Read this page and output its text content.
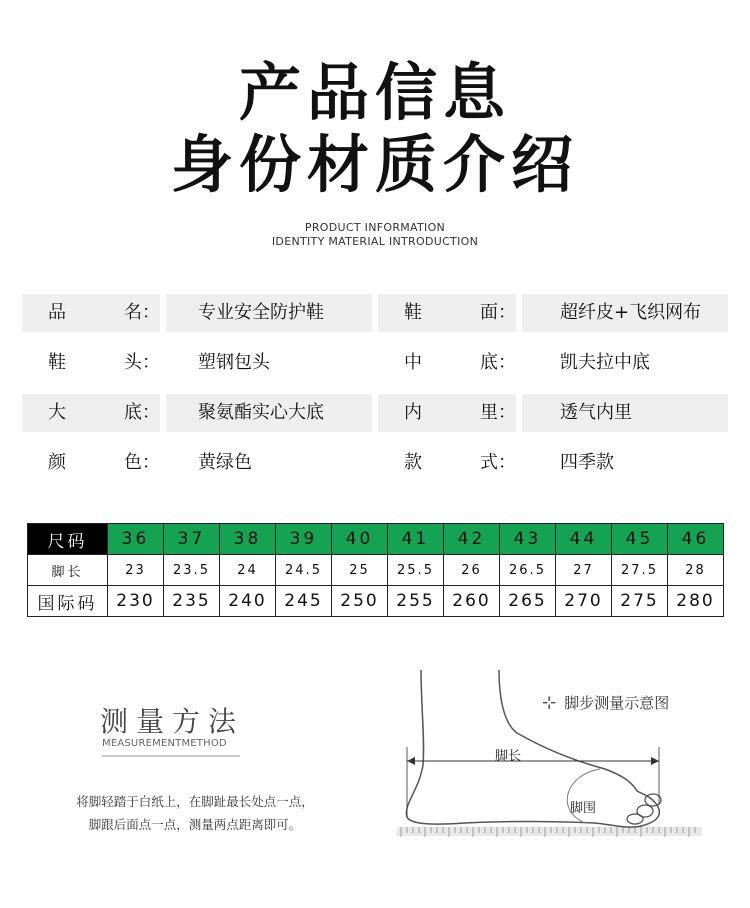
产品信息
身份材质介绍
PRODUCT INFORMATION
IDENTITY MATERIAL INTRODUCTION
品	名：	专业安全防护鞋	鞋	面：	超纤皮+飞织网布
鞋	头：	塑钢包头	中	底：	凯夫拉中底
大	底：	聚氨酯实心大底	内	里：	透气内里
颜	色：	黄绿色	款	式：	四季款
尺码	36	37	38	39	40	41	42	43	44	45	46
脚长	23	23.5	24	24.5	25	25.5	26	26.5	27	27.5	28
国际码	230	235	240	245	250	255	260	265	270	275	280
测量方法
MEASUREMENTMETHOD
将脚轻踏于白纸上，在脚趾最长处点一点，
脚跟后面点一点，测量两点距离即可。
⊹ 脚步测量示意图
脚长
脚围
